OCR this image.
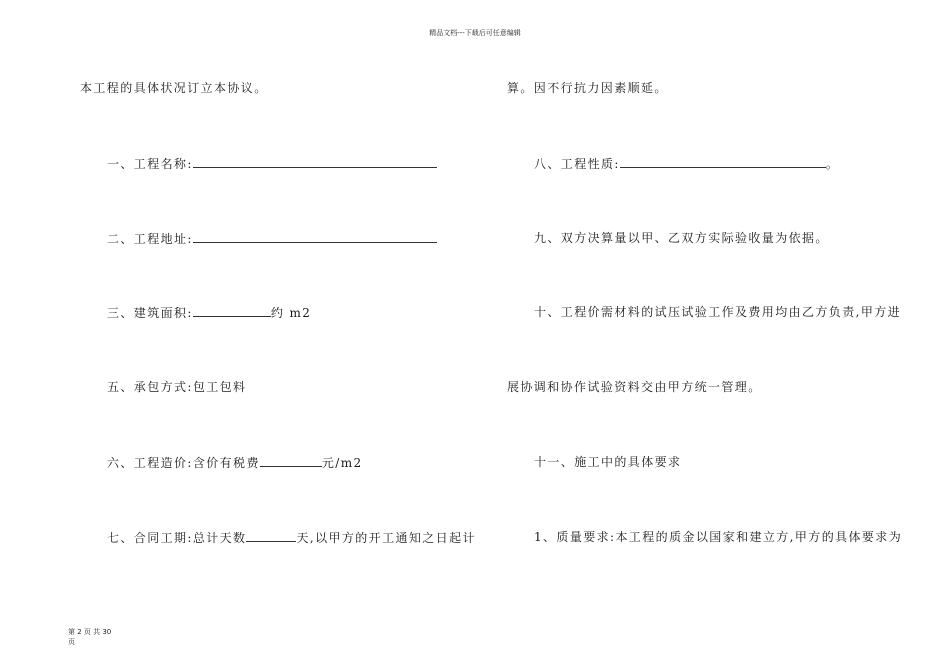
精品文档---下载后可任意编辑
本工程的具体状况订立本协议。
一、工程名称:
二、工程地址:
三、建筑面积:	约 m2
五、承包方式:包工包料
六、工程造价:含价有税费	元/m2
七、合同工期:总计天数	天,以甲方的开工通知之日起计
算。因不行抗力因素顺延。
八、工程性质:	。
九、双方决算量以甲、乙双方实际验收量为依据。
十、工程价需材料的试压试验工作及费用均由乙方负责,甲方进
展协调和协作试验资料交由甲方统一管理。
十一、施工中的具体要求
1、质量要求:本工程的质金以国家和建立方,甲方的具体要求为
第 2 页 共 30 页
